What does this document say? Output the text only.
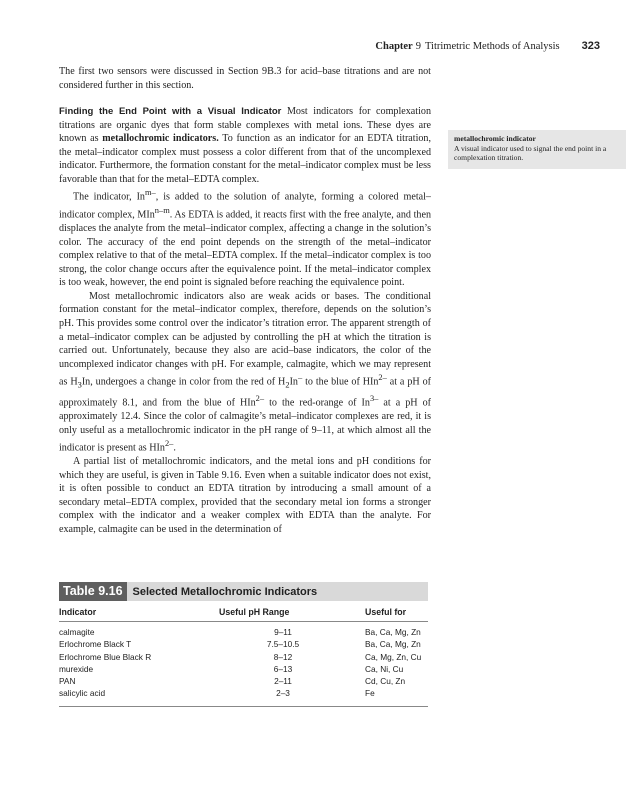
Chapter 9 Titrimetric Methods of Analysis 323

The first two sensors were discussed in Section 9B.3 for acid–base titrations and are not considered further in this section.

Finding the End Point with a Visual Indicator Most indicators for complexation titrations are organic dyes that form stable complexes with metal ions. These dyes are known as metallochromic indicators. To function as an indicator for an EDTA titration, the metal–indicator complex must possess a color different from that of the uncomplexed indicator. Furthermore, the formation constant for the metal–indicator complex must be less favorable than that for the metal–EDTA complex.

The indicator, $In^{m-}$, is added to the solution of analyte, forming a colored metal–indicator complex, MIn$^{n-m}$. As EDTA is added, it reacts first with the free analyte, and then displaces the analyte from the metal–indicator complex, affecting a change in the solution’s color. The accuracy of the end point depends on the strength of the metal–indicator complex relative to that of the metal–EDTA complex. If the metal–indicator complex is too strong, the color change occurs after the equivalence point. If the metal–indicator complex is too weak, however, the end point is signaled before reaching the equivalence point.

Most metallochromic indicators also are weak acids or bases. The conditional formation constant for the metal–indicator complex, therefore, depends on the solution’s pH. This provides some control over the indicator’s titration error. The apparent strength of a metal–indicator complex can be adjusted by controlling the pH at which the titration is carried out. Unfortunately, because they also are acid–base indicators, the color of the uncomplexed indicator changes with pH. For example, calmagite, which we may represent as $H_3In$, undergoes a change in color from the red of $H_2In^-$ to the blue of HIn$^{2-}$ at a pH of approximately 8.1, and from the blue of HIn$^{2-}$ to the red-orange of $In^{3-}$ at a pH of approximately 12.4. Since the color of calmagite’s metal–indicator complexes are red, it is only useful as a metallochromic indicator in the pH range of 9–11, at which almost all the indicator is present as HIn$^{2-}$.

A partial list of metallochromic indicators, and the metal ions and pH conditions for which they are useful, is given in Table 9.16. Even when a suitable indicator does not exist, it is often possible to conduct an EDTA titration by introducing a small amount of a secondary metal–EDTA complex, provided that the secondary metal ion forms a stronger complex with the indicator and a weaker complex with EDTA than the analyte. For example, calmagite can be used in the determination of

metallochromic indicator
A visual indicator used to signal the end point in a complexation titration.
Table 9.16 Selected Metallochromic Indicators
Indicator	Useful pH Range	Useful for
calmagite	9–11	Ba, Ca, Mg, Zn
Erlochrome Black T	7.5–10.5	Ba, Ca, Mg, Zn
Erlochrome Blue Black R	8–12	Ca, Mg, Zn, Cu
murexide	6–13	Ca, Ni, Cu
PAN	2–11	Cd, Cu, Zn
salicylic acid	2–3	Fe
